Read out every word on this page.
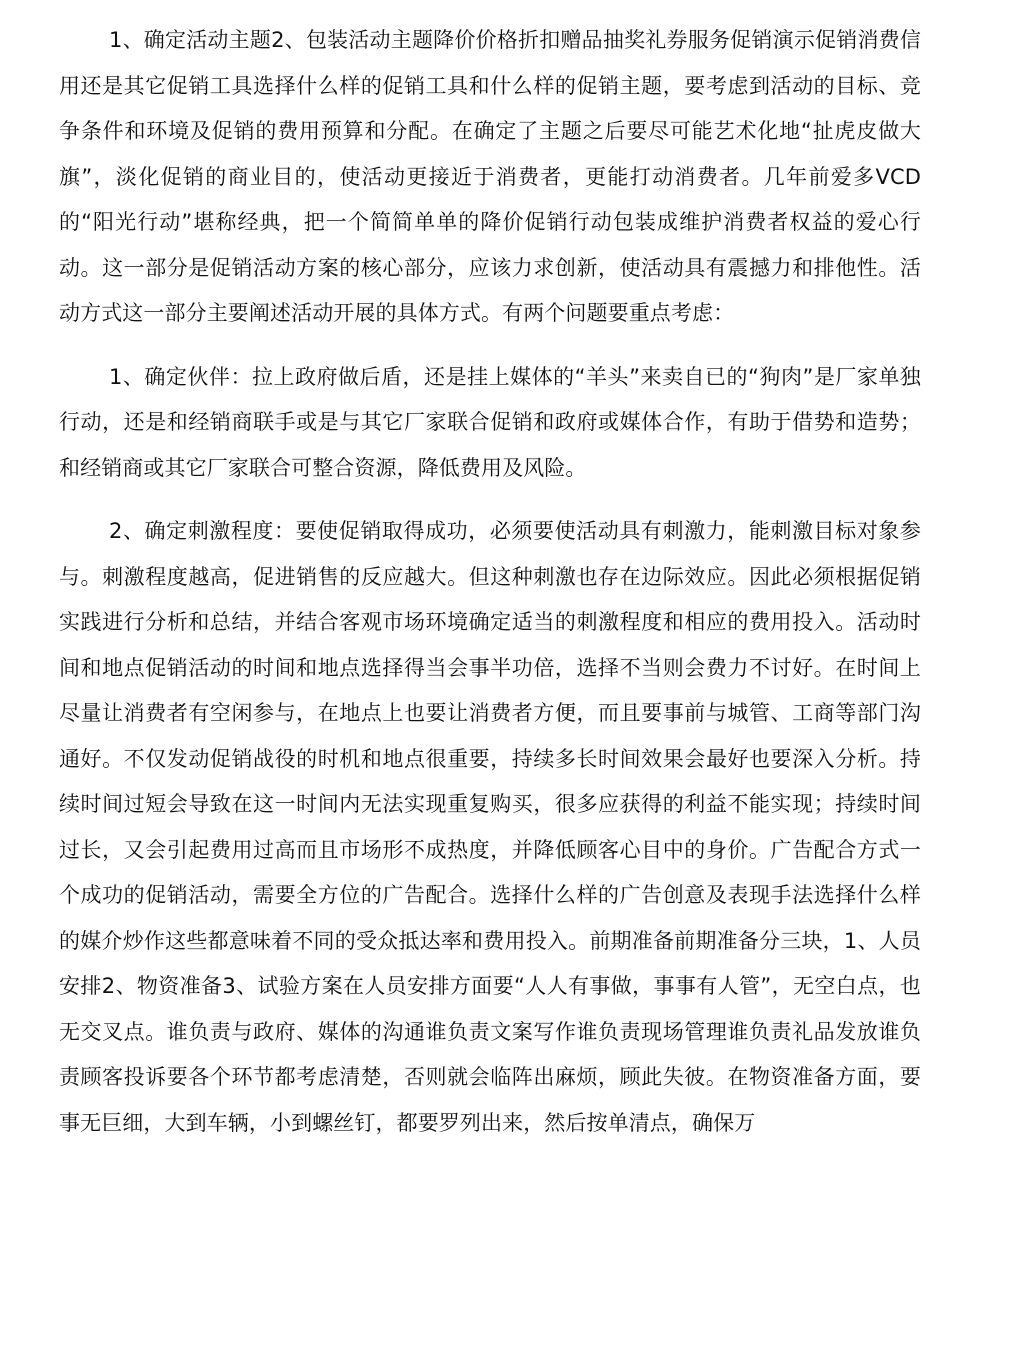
1、确定活动主题2、包装活动主题降价价格折扣赠品抽奖礼券服务促销演示促销消费信用还是其它促销工具选择什么样的促销工具和什么样的促销主题，要考虑到活动的目标、竞争条件和环境及促销的费用预算和分配。在确定了主题之后要尽可能艺术化地“扯虎皮做大旗”，淡化促销的商业目的，使活动更接近于消费者，更能打动消费者。几年前爱多VCD的“阳光行动”堪称经典，把一个简简单单的降价促销行动包装成维护消费者权益的爱心行动。这一部分是促销活动方案的核心部分，应该力求创新，使活动具有震撼力和排他性。活动方式这一部分主要阐述活动开展的具体方式。有两个问题要重点考虑：

1、确定伙伴：拉上政府做后盾，还是挂上媒体的“羊头”来卖自已的“狗肉”是厂家单独行动，还是和经销商联手或是与其它厂家联合促销和政府或媒体合作，有助于借势和造势；和经销商或其它厂家联合可整合资源，降低费用及风险。

2、确定刺激程度：要使促销取得成功，必须要使活动具有刺激力，能刺激目标对象参与。刺激程度越高，促进销售的反应越大。但这种刺激也存在边际效应。因此必须根据促销实践进行分析和总结，并结合客观市场环境确定适当的刺激程度和相应的费用投入。活动时间和地点促销活动的时间和地点选择得当会事半功倍，选择不当则会费力不讨好。在时间上尽量让消费者有空闲参与，在地点上也要让消费者方便，而且要事前与城管、工商等部门沟通好。不仅发动促销战役的时机和地点很重要，持续多长时间效果会最好也要深入分析。持续时间过短会导致在这一时间内无法实现重复购买，很多应获得的利益不能实现；持续时间过长，又会引起费用过高而且市场形不成热度，并降低顾客心目中的身价。广告配合方式一个成功的促销活动，需要全方位的广告配合。选择什么样的广告创意及表现手法选择什么样的媒介炒作这些都意味着不同的受众抵达率和费用投入。前期准备前期准备分三块，1、人员安排2、物资准备3、试验方案在人员安排方面要“人人有事做，事事有人管”，无空白点，也无交叉点。谁负责与政府、媒体的沟通谁负责文案写作谁负责现场管理谁负责礼品发放谁负责顾客投诉要各个环节都考虑清楚，否则就会临阵出麻烦，顾此失彼。在物资准备方面，要事无巨细，大到车辆，小到螺丝钉，都要罗列出来，然后按单清点，确保万
